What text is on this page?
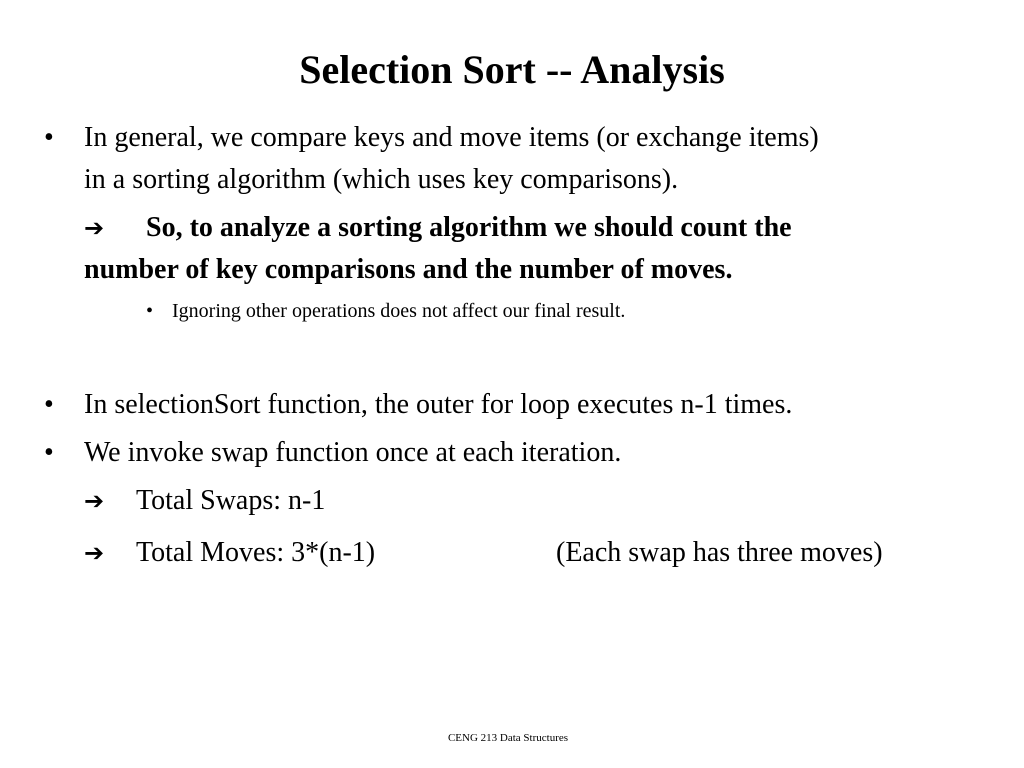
Selection Sort -- Analysis
• In general, we compare keys and move items (or exchange items)
in a sorting algorithm (which uses key comparisons).
➔ So, to analyze a sorting algorithm we should count the
number of key comparisons and the number of moves.
• Ignoring other operations does not affect our final result.
• In selectionSort function, the outer for loop executes n-1 times.
• We invoke swap function once at each iteration.
➔ Total Swaps: n-1
➔ Total Moves: 3*(n-1)	(Each swap has three moves)
CENG 213 Data Structures
